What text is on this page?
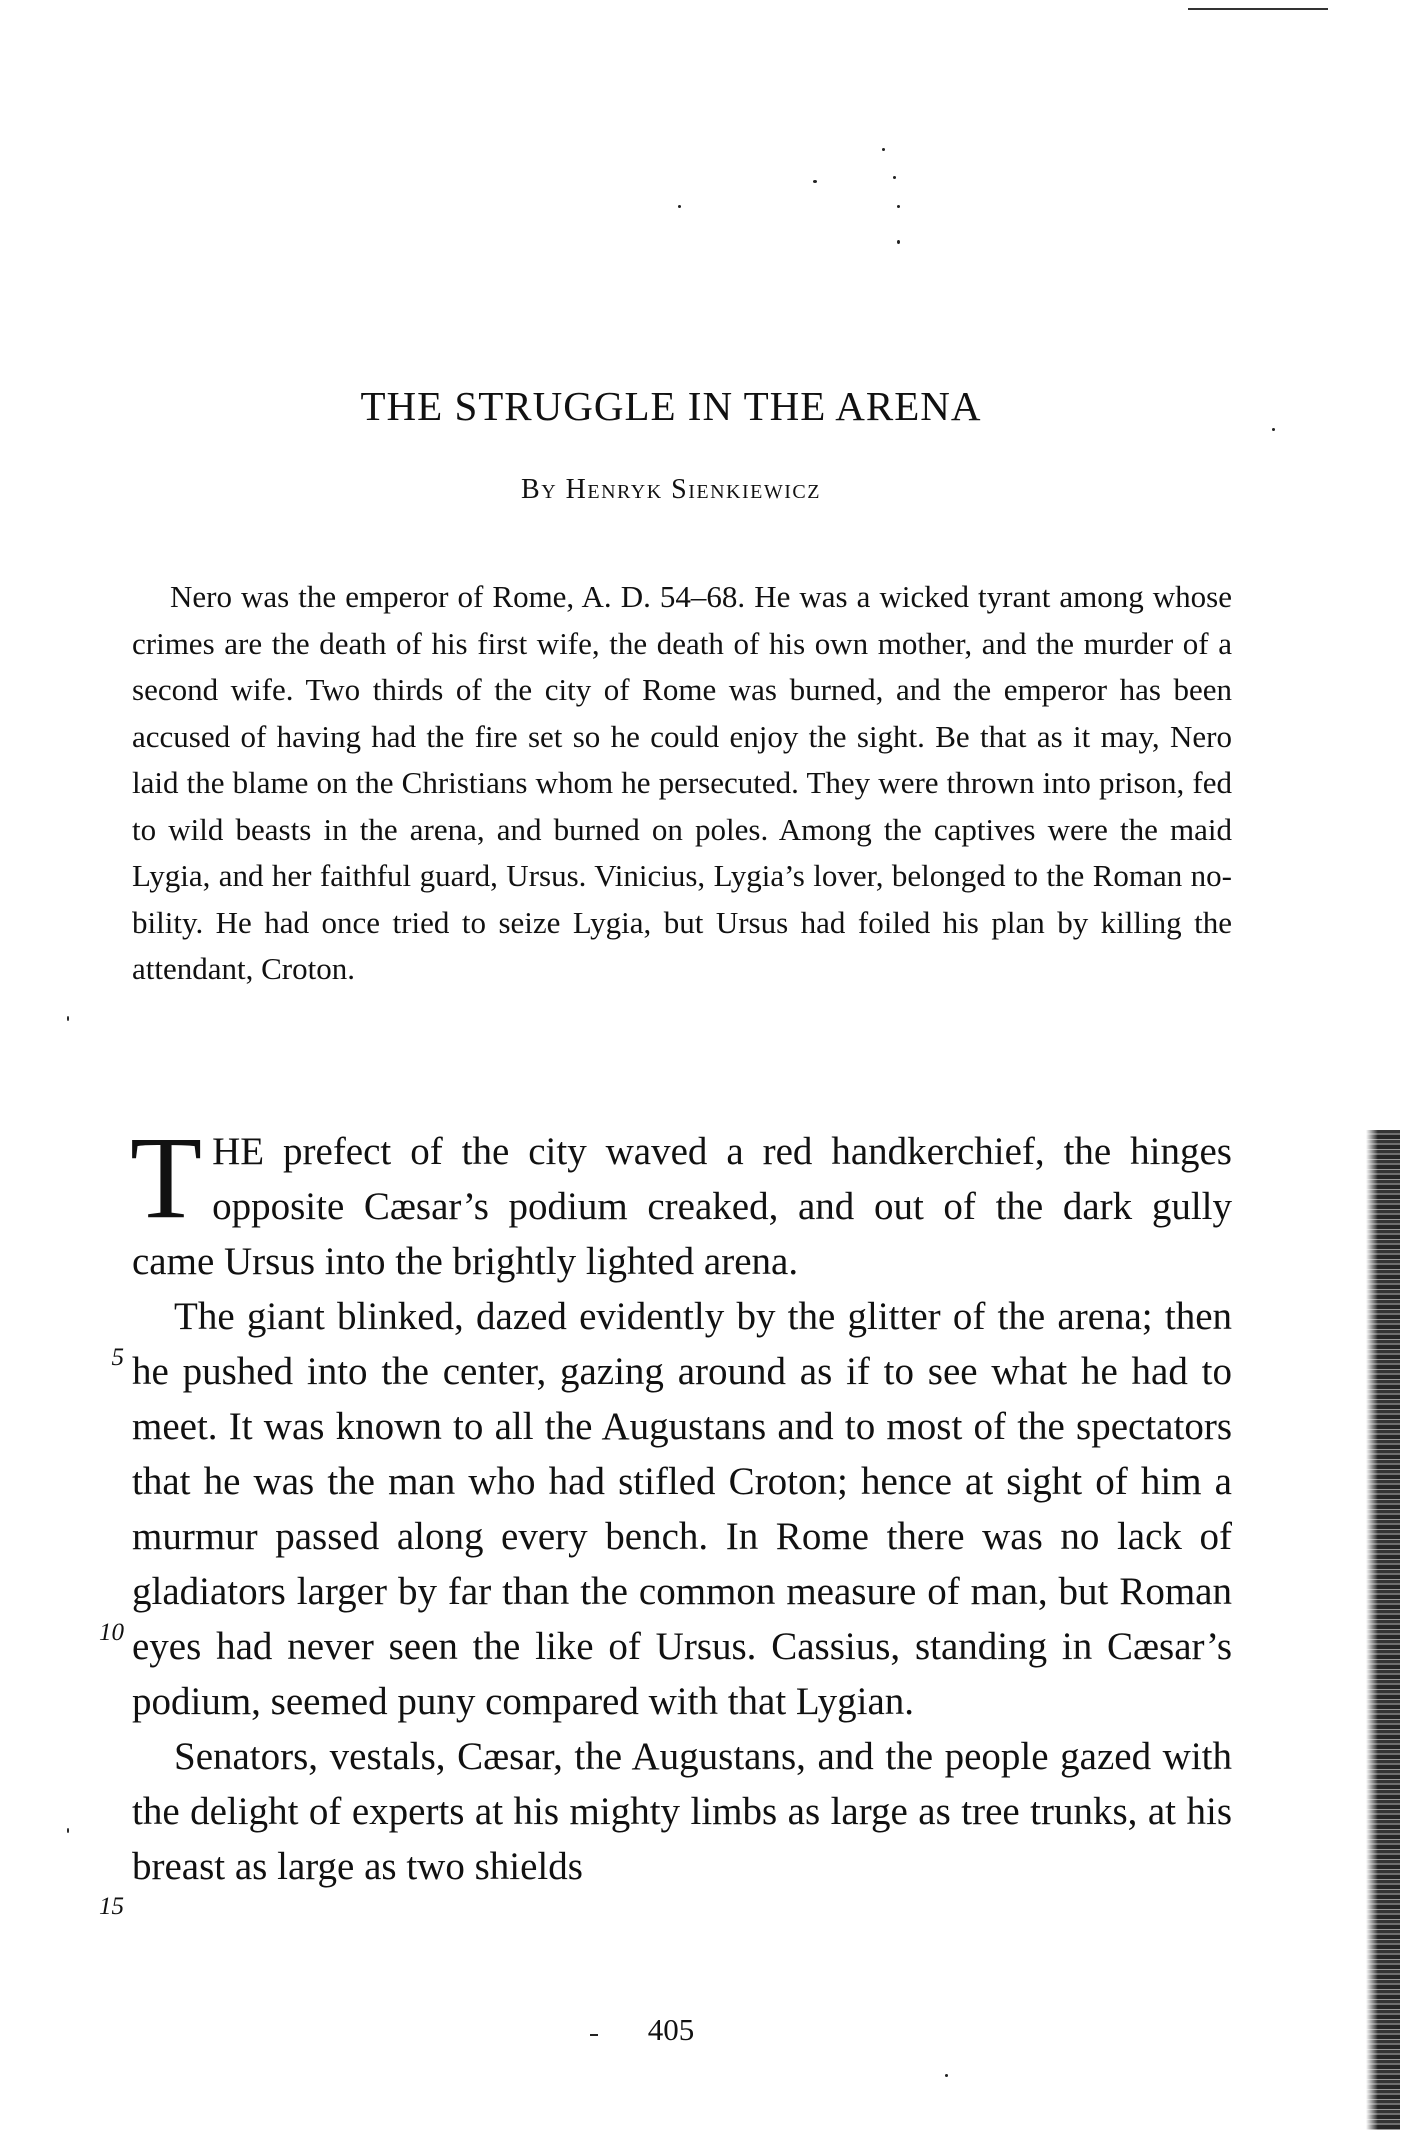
THE STRUGGLE IN THE ARENA
By Henryk Sienkiewicz

Nero was the emperor of Rome, A. D. 54–68. He was a wicked tyrant among whose crimes are the death of his first wife, the death of his own mother, and the murder of a second wife. Two thirds of the city of Rome was burned, and the emperor has been accused of having had the fire set so he could enjoy the sight. Be that as it may, Nero laid the blame on the Christians whom he persecuted. They were thrown into prison, fed to wild beasts in the arena, and burned on poles. Among the captives were the maid Lygia, and her faithful guard, Ursus. Vinicius, Lygia’s lover, belonged to the Roman nobility. He had once tried to seize Lygia, but Ursus had foiled his plan by killing the attendant, Croton.

THE prefect of the city waved a red handkerchief, the hinges opposite Cæsar’s podium creaked, and out of the dark gully came Ursus into the brightly lighted arena.

The giant blinked, dazed evidently by the glitter of the arena; then he pushed into the center, gazing around as if to see what he had to meet. It was known to all the Augustans and to most of the spectators that he was the man who had stifled Croton; hence at sight of him a murmur passed along every bench. In Rome there was no lack of gladiators larger by far than the common measure of man, but Roman eyes had never seen the like of Ursus. Cassius, standing in Cæsar’s podium, seemed puny compared with that Lygian.

Senators, vestals, Cæsar, the Augustans, and the people gazed with the delight of experts at his mighty limbs as large as tree trunks, at his breast as large as two shields

5
10
15
405
